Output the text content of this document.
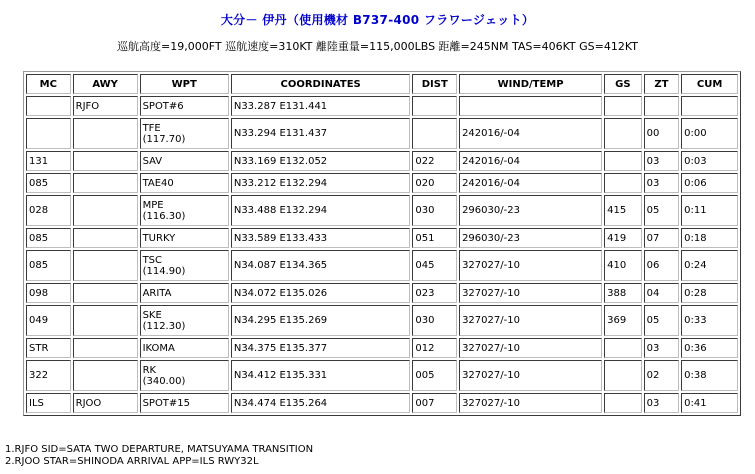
大分－ 伊丹（使用機材 B737-400 フラワージェット）
巡航高度=19,000FT 巡航速度=310KT 離陸重量=115,000LBS 距離=245NM TAS=406KT GS=412KT
MC	AWY	WPT	COORDINATES	DIST	WIND/TEMP	GS	ZT	CUM
	RJFO	SPOT#6	N33.287 E131.441					

		TFE
(117.70)	N33.294 E131.437		242016/-04		00	0:00
131		SAV	N33.169 E132.052	022	242016/-04		03	0:03
085		TAE40	N33.212 E132.294	020	242016/-04		03	0:06
028		MPE
(116.30)	N33.488 E132.294	030	296030/-23	415	05	0:11
085		TURKY	N33.589 E133.433	051	296030/-23	419	07	0:18
085		TSC
(114.90)	N34.087 E134.365	045	327027/-10	410	06	0:24
098		ARITA	N34.072 E135.026	023	327027/-10	388	04	0:28
049		SKE
(112.30)	N34.295 E135.269	030	327027/-10	369	05	0:33
STR		IKOMA	N34.375 E135.377	012	327027/-10		03	0:36
322		RK
(340.00)	N34.412 E135.331	005	327027/-10		02	0:38
ILS	RJOO	SPOT#15	N34.474 E135.264	007	327027/-10		03	0:41
1.RJFO SID=SATA TWO DEPARTURE, MATSUYAMA TRANSITION
2.RJOO STAR=SHINODA ARRIVAL APP=ILS RWY32L
